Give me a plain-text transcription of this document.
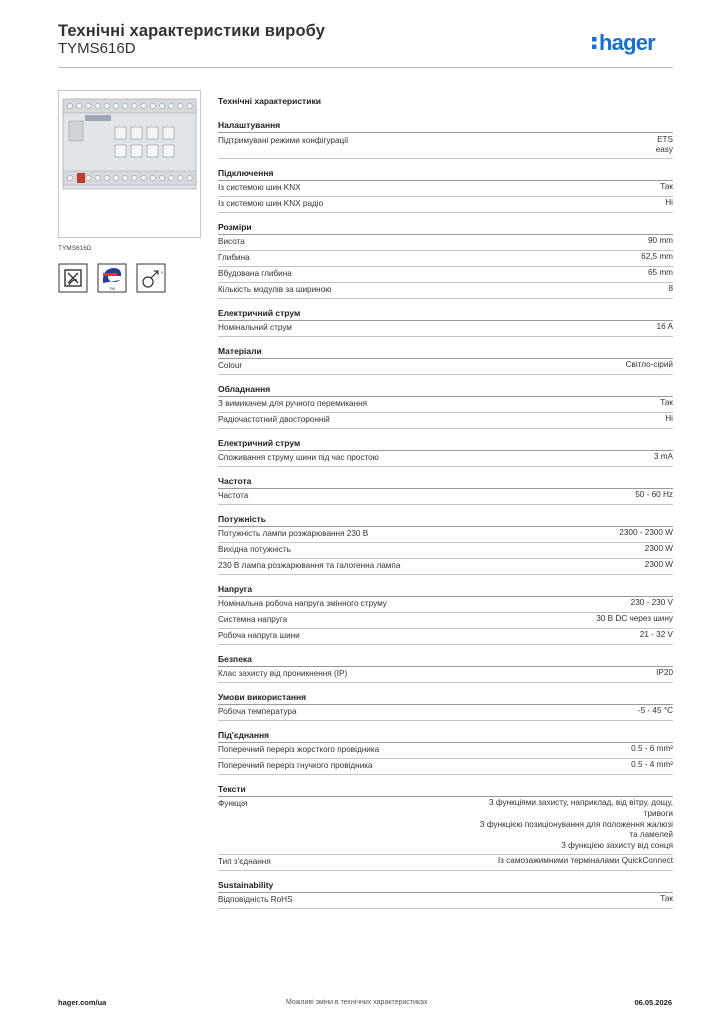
Технічні характеристики виробу
TYMS616D	hager
TYMS616D
ТМ
↗
Технічні характеристики
Налаштування
Підтримувані режими конфігурації	ETS
easy
Підключення
Із системою шин KNX	Так
Із системою шин KNX радіо	Ні
Розміри
Висота	90 mm
Глибина	62,5 mm
Вбудована глибина	65 mm
Кількість модулів за шириною	8
Електричний струм
Номінальний струм	16 A
Матеріали
Colour	Світло-сірий
Обладнання
З вимикачем для ручного перемикання	Так
Радіочастотний двосторонній	Ні
Електричний струм
Споживання струму шини під час простою	3 mA
Частота
Частота	50 - 60 Hz
Потужність
Потужність лампи розжарювання 230 В	2300 - 2300 W
Вихідна потужність	2300 W
230 В лампа розжарювання та галогенна лампа	2300 W
Напруга
Номінальна робоча напруга змінного струму	230 - 230 V
Системна напруга	30 В DC через шину
Робоча напруга шини	21 - 32 V
Безпека
Клас захисту від проникнення (IP)	IP20
Умови використання
Робоча температура	-5 - 45 °C
Під'єднання
Поперечний переріз жорсткого провідника	0.5 - 6 mm²
Поперечний переріз гнучкого провідника	0.5 - 4 mm²
Тексти
Функція	З функціями захисту, наприклад, від вітру, дощу,
тривоги
З функцією позиціонування для положення жалюзі
та ламелей
З функцією захисту від сонця
Тип з'єднання	Із самозажимними терміналами QuickConnect
Sustainability
Відповідність RoHS	Так
hager.com/ua	Можливі зміни в технічних характеристиках	06.05.2026
